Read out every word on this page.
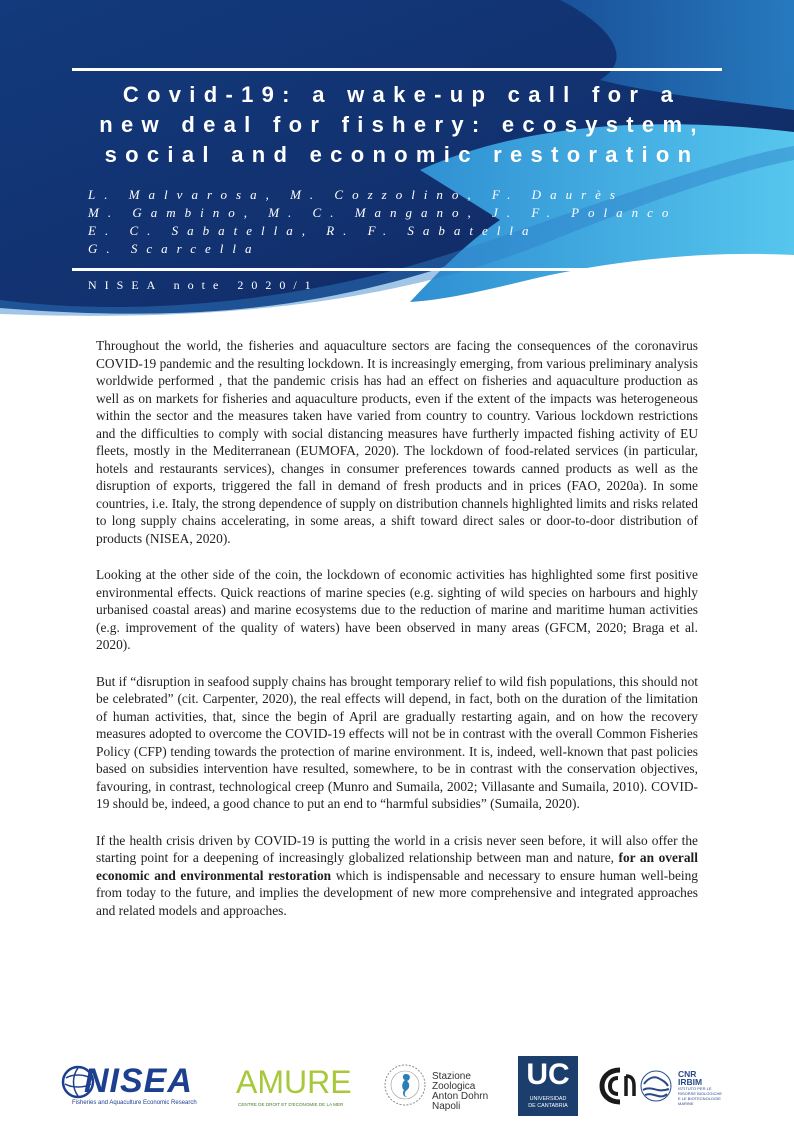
Covid-19: a wake-up call for a
new deal for fishery: ecosystem,
social and economic restoration
L. Malvarosa, M. Cozzolino, F. Daurès
M. Gambino, M. C. Mangano, J. F. Polanco
E. C. Sabatella, R. F. Sabatella
G. Scarcella
NISEA note 2020/1

Throughout the world, the fisheries and aquaculture sectors are facing the consequences of the coronavirus COVID-19 pandemic and the resulting lockdown. It is increasingly emerging, from various preliminary analysis worldwide performed , that the pandemic crisis has had an effect on fisheries and aquaculture production as well as on markets for fisheries and aquaculture products, even if the extent of the impacts was heterogeneous within the sector and the measures taken have varied from country to country. Various lockdown restrictions and the difficulties to comply with social distancing measures have furtherly impacted fishing activity of EU fleets, mostly in the Mediterranean (EUMOFA, 2020). The lockdown of food-related services (in particular, hotels and restaurants services), changes in consumer preferences towards canned products as well as the disruption of exports, triggered the fall in demand of fresh products and in prices (FAO, 2020a). In some countries, i.e. Italy, the strong dependence of supply on distribution channels highlighted limits and risks related to long supply chains accelerating, in some areas, a shift toward direct sales or door-to-door distribution of products (NISEA, 2020).

Looking at the other side of the coin, the lockdown of economic activities has highlighted some first positive environmental effects. Quick reactions of marine species (e.g. sighting of wild species on harbours and highly urbanised coastal areas) and marine ecosystems due to the reduction of marine and maritime human activities (e.g. improvement of the quality of waters) have been observed in many areas (GFCM, 2020; Braga et al. 2020).

But if “disruption in seafood supply chains has brought temporary relief to wild fish populations, this should not be celebrated” (cit. Carpenter, 2020), the real effects will depend, in fact, both on the duration of the limitation of human activities, that, since the begin of April are gradually restarting again, and on how the recovery measures adopted to overcome the COVID-19 effects will not be in contrast with the overall Common Fisheries Policy (CFP) tending towards the protection of marine environment. It is, indeed, well-known that past policies based on subsidies intervention have resulted, somewhere, to be in contrast with the conservation objectives, favouring, in contrast, technological creep (Munro and Sumaila, 2002; Villasante and Sumaila, 2010). COVID-19 should be, indeed, a good chance to put an end to “harmful subsidies” (Sumaila, 2020).

If the health crisis driven by COVID-19 is putting the world in a crisis never seen before, it will also offer the starting point for a deepening of increasingly globalized relationship between man and nature, for an overall economic and environmental restoration which is indispensable and necessary to ensure human well-being from today to the future, and implies the development of new more comprehensive and integrated approaches and related models and approaches.

NISEA
Fisheries and Aquaculture Economic Research
AMURE
CENTRE DE DROIT ET D'ECONOMIE DE LA MER
Stazione
Zoologica
Anton Dohrn
Napoli
UC
UNIVERSIDAD
DE CANTABRIA
CNR
IRBIM
ISTITUTO PER LE
RISORSE BIOLOGICHE
E LE BIOTECNOLOGIE
MARINE
